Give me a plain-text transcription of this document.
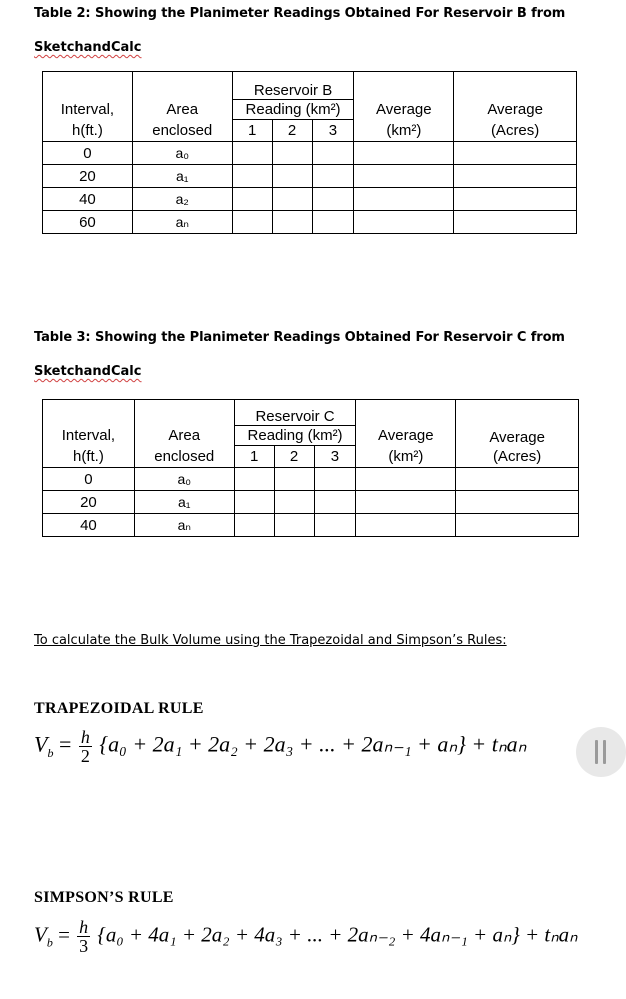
Table 2: Showing the Planimeter Readings Obtained For Reservoir B from
SketchandCalc
		Reservoir B				
Interval,	Area	Reading (km²)			Average	Average
h(ft.)	enclosed	1	2	3	(km²)	(Acres)
0	a₀					
20	a₁					
40	a₂					
60	aₙ					
Table 3: Showing the Planimeter Readings Obtained For Reservoir C from
SketchandCalc
		Reservoir C				
Interval,	Area	Reading (km²)			Average	Average
h(ft.)	enclosed	1	2	3	(km²)	(Acres)
0	a₀					
20	a₁					
40	aₙ					
To calculate the Bulk Volume using the Trapezoidal and Simpson’s Rules:
TRAPEZOIDAL RULE
$V_b = \frac{h}{2} \{a_0 + 2a_1 + 2a_2 + 2a_3$ + ... + 2aₙ₋₁ + aₙ} + tₙaₙ
SIMPSON’S RULE
$V_b = \frac{h}{3} \{a_0 + 4a_1 + 2a_2 + 4a_3$ + ... + 2aₙ₋₂ + 4aₙ₋₁ + aₙ} + tₙaₙ
